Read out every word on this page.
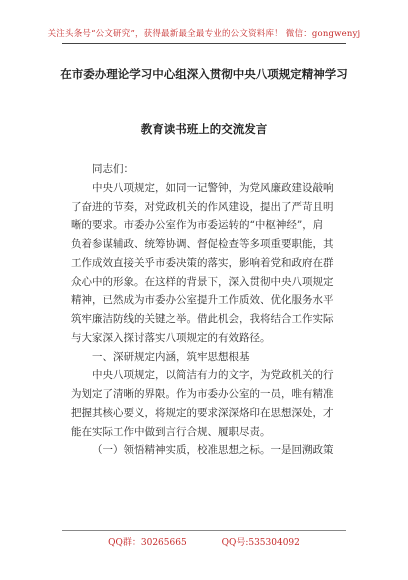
关注头条号“公文研究”，获得最新最全最专业的公文资料库！ 微信：gongwenyj
在市委办理论学习中心组深入贯彻中央八项规定精神学习
教育读书班上的交流发言

同志们：

中央八项规定，如同一记警钟，为党风廉政建设敲响

了奋进的节奏，对党政机关的作风建设，提出了严苛且明

晰的要求。市委办公室作为市委运转的“中枢神经”，肩

负着参谋辅政、统筹协调、督促检查等多项重要职能，其

工作成效直接关乎市委决策的落实，影响着党和政府在群

众心中的形象。在这样的背景下，深入贯彻中央八项规定

精神，已然成为市委办公室提升工作质效、优化服务水平

筑牢廉洁防线的关键之举。借此机会，我将结合工作实际

与大家深入探讨落实八项规定的有效路径。

一、深研规定内涵，筑牢思想根基

中央八项规定，以简洁有力的文字，为党政机关的行

为划定了清晰的界限。作为市委办公室的一员，唯有精准

把握其核心要义，将规定的要求深深烙印在思想深处，才

能在实际工作中做到言行合规、履职尽责。

（一）领悟精神实质，校准思想之标。一是回溯政策

QQ群：30265665	QQ号:535304092
